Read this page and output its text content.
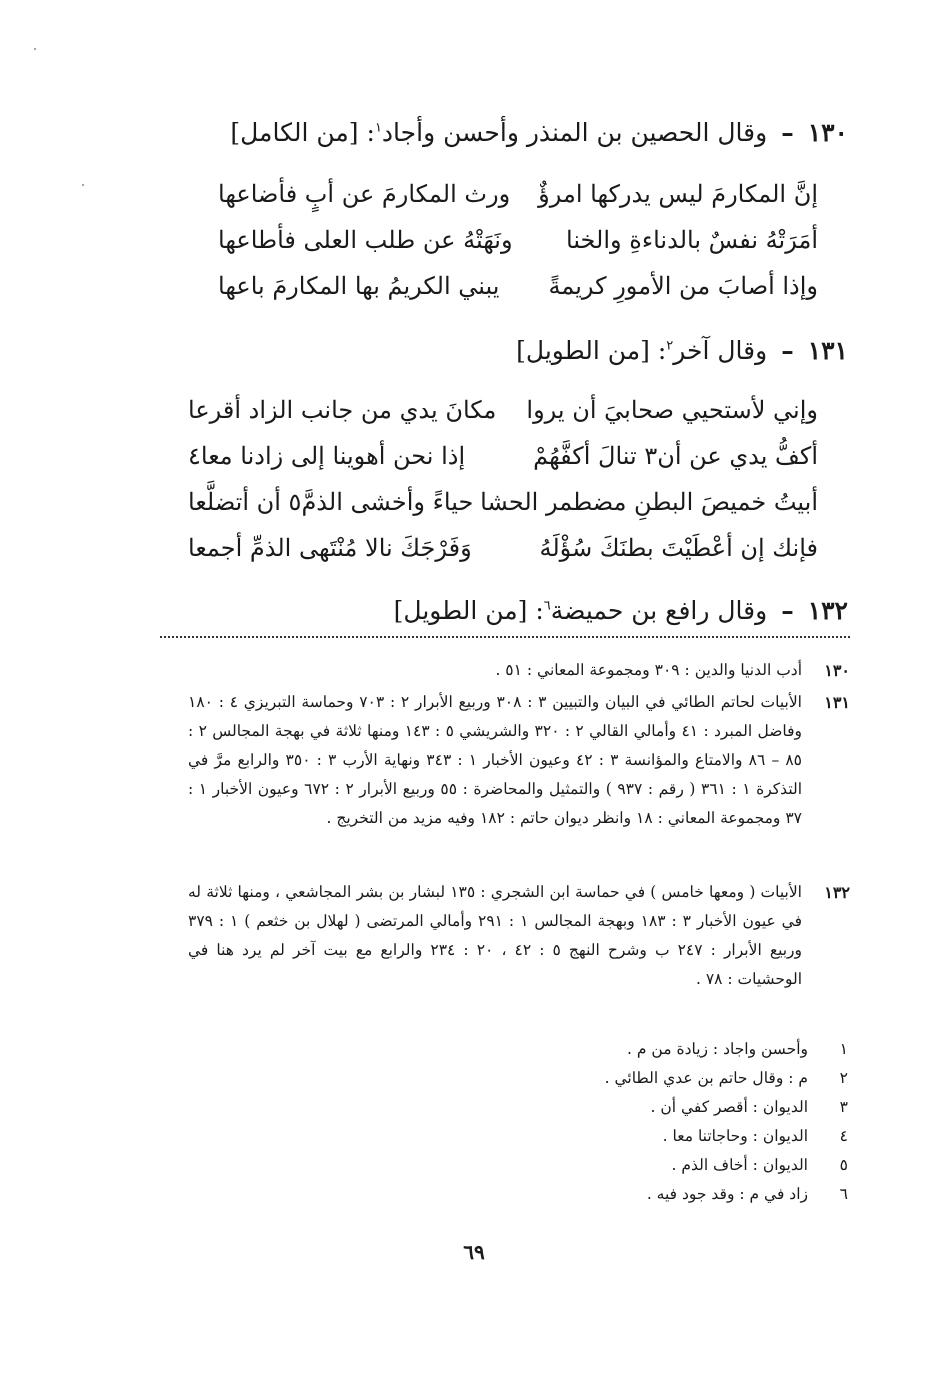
١٣٠–وقال الحصين بن المنذر وأحسن وأجاد$^١$: [من الكامل]
إنَّ المكارمَ ليس يدركها امرؤٌ
ورث المكارمَ عن أبٍ فأضاعها
أمَرَتْهُ نفسٌ بالدناءةِ والخنا
ونَهَتْهُ عن طلب العلى فأطاعها
وإذا أصابَ من الأمورِ كريمةً
يبني الكريمُ بها المكارمَ باعها
١٣١–وقال آخر$^٢$: [من الطويل]
وإني لأستحيي صحابيَ أن يروا
مكانَ يدي من جانب الزاد أقرعا
أكفُّ يدي عن أن٣ تنالَ أكفَّهُمْ
إذا نحن أهوينا إلى زادنا معا٤
أبيتُ خميصَ البطنِ مضطمر الحشا
حياءً وأخشى الذمَّ٥ أن أتضلَّعا
فإنك إن أعْطَيْتَ بطنَكَ سُؤْلَهُ
وَفَرْجَكَ نالا مُنْتَهى الذمِّ أجمعا
١٣٢–وقال رافع بن حميضة$^٦$: [من الطويل]
١٣٠
أدب الدنيا والدين : ٣٠٩ ومجموعة المعاني : ٥١ .
١٣١
الأبيات لحاتم الطائي في البيان والتبيين ٣ : ٣٠٨ وربيع الأبرار ٢ : ٧٠٣ وحماسة التبريزي ٤ : ١٨٠ وفاضل المبرد : ٤١ وأمالي القالي ٢ : ٣٢٠ والشريشي ٥ : ١٤٣ ومنها ثلاثة في بهجة المجالس ٢ : ٨٥ – ٨٦ والامتاع والمؤانسة ٣ : ٤٢ وعيون الأخبار ١ : ٣٤٣ ونهاية الأرب ٣ : ٣٥٠ والرابع مرَّ في التذكرة ١ : ٣٦١ ( رقم : ٩٣٧ ) والتمثيل والمحاضرة : ٥٥ وربيع الأبرار ٢ : ٦٧٢ وعيون الأخبار ١ : ٣٧ ومجموعة المعاني : ١٨ وانظر ديوان حاتم : ١٨٢ وفيه مزيد من التخريج .
١٣٢
الأبيات ( ومعها خامس ) في حماسة ابن الشجري : ١٣٥ لبشار بن بشر المجاشعي ، ومنها ثلاثة له في عيون الأخبار ٣ : ١٨٣ وبهجة المجالس ١ : ٢٩١ وأمالي المرتضى ( لهلال بن خثعم ) ١ : ٣٧٩ وربيع الأبرار : ٢٤٧ ب وشرح النهج ٥ : ٤٢ ، ٢٠ : ٢٣٤ والرابع مع بيت آخر لم يرد هنا في الوحشيات : ٧٨ .
١وأحسن واجاد : زيادة من م .
٢م : وقال حاتم بن عدي الطائي .
٣الديوان : أقصر كفي أن .
٤الديوان : وحاجاتنا معا .
٥الديوان : أخاف الذم .
٦زاد في م : وقد جود فيه .
٦٩
